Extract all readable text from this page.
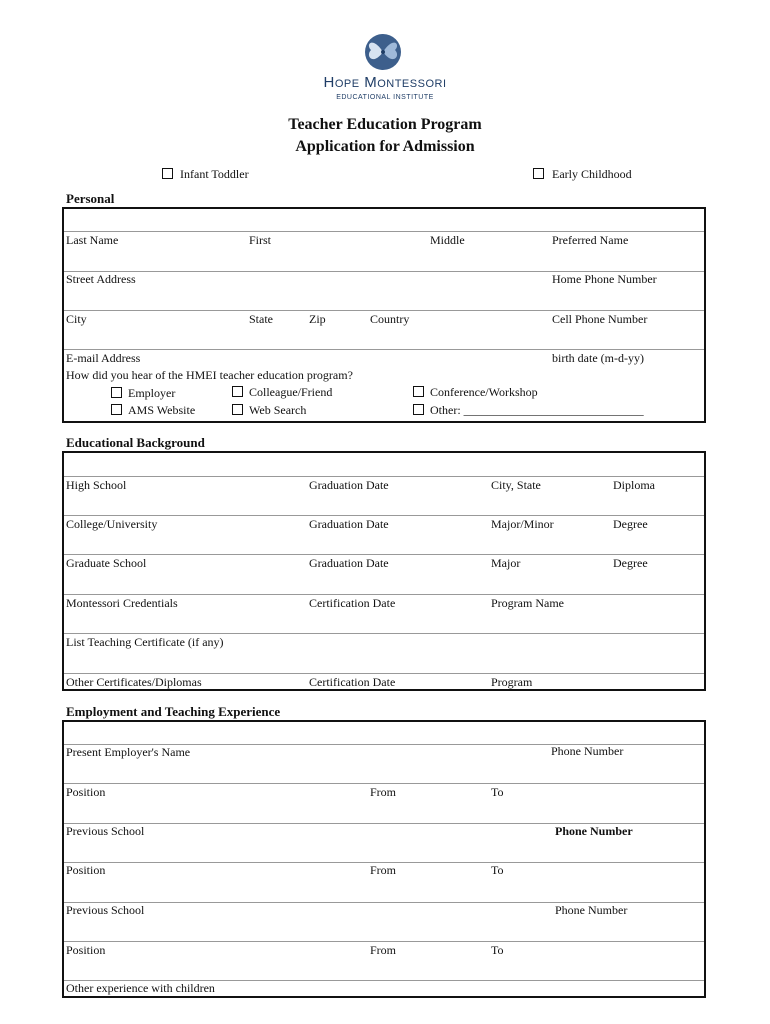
Hope Montessori
EDUCATIONAL INSTITUTE
Teacher Education Program
Application for Admission
Infant Toddler	Early Childhood
Personal
Last Name	First	Middle	Preferred Name
Street Address	Home Phone Number
City	State	Zip	Country	Cell Phone Number
E-mail Address	birth date (m-d-yy)
How did you hear of the HMEI teacher education program?
Employer
AMS Website
Colleague/Friend
Web Search
Conference/Workshop
Other: ______________________________
Educational Background
High School	Graduation Date	City, State	Diploma
College/University	Graduation Date	Major/Minor	Degree
Graduate School	Graduation Date	Major	Degree
Montessori Credentials	Certification Date	Program Name
List Teaching Certificate (if any)
Other Certificates/Diplomas	Certification Date	Program
Employment and Teaching Experience
Present Employer's Name	Phone Number
Position	From	To
Previous School	Phone Number
Position	From	To
Previous School	Phone Number
Position	From	To
Other experience with children
